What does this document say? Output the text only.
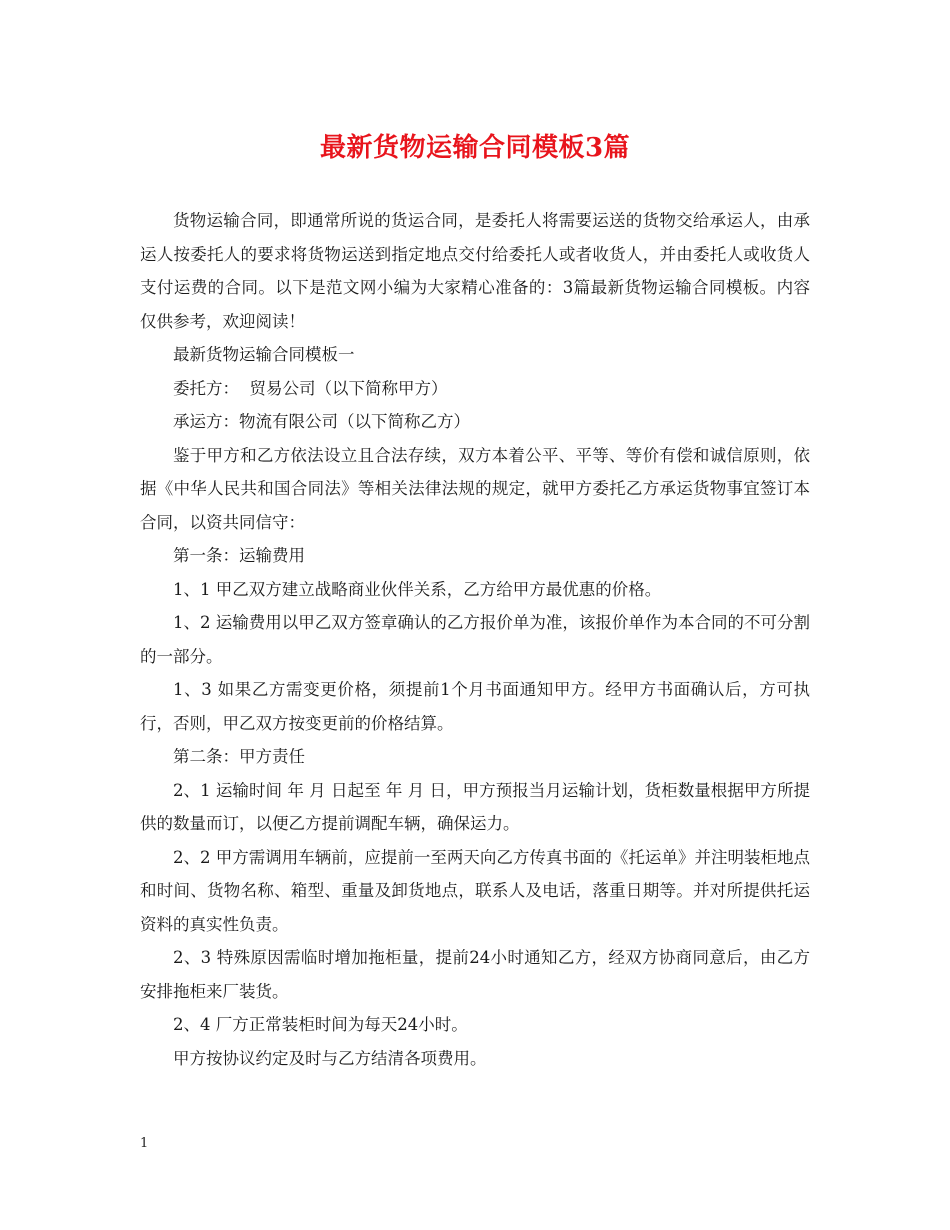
最新货物运输合同模板3篇

货物运输合同，即通常所说的货运合同，是委托人将需要运送的货物交给承运人，由承运人按委托人的要求将货物运送到指定地点交付给委托人或者收货人，并由委托人或收货人支付运费的合同。以下是范文网小编为大家精心准备的：3篇最新货物运输合同模板。内容仅供参考，欢迎阅读！

最新货物运输合同模板一

委托方：  贸易公司（以下简称甲方）

承运方：物流有限公司（以下简称乙方）

鉴于甲方和乙方依法设立且合法存续，双方本着公平、平等、等价有偿和诚信原则，依据《中华人民共和国合同法》等相关法律法规的规定，就甲方委托乙方承运货物事宜签订本合同，以资共同信守：

第一条：运输费用

1、1 甲乙双方建立战略商业伙伴关系，乙方给甲方最优惠的价格。

1、2 运输费用以甲乙双方签章确认的乙方报价单为准，该报价单作为本合同的不可分割的一部分。

1、3 如果乙方需变更价格，须提前1个月书面通知甲方。经甲方书面确认后，方可执行，否则，甲乙双方按变更前的价格结算。

第二条：甲方责任

2、1 运输时间 年 月 日起至 年 月 日，甲方预报当月运输计划，货柜数量根据甲方所提供的数量而订，以便乙方提前调配车辆，确保运力。

2、2 甲方需调用车辆前，应提前一至两天向乙方传真书面的《托运单》并注明装柜地点和时间、货物名称、箱型、重量及卸货地点，联系人及电话，落重日期等。并对所提供托运资料的真实性负责。

2、3 特殊原因需临时增加拖柜量，提前24小时通知乙方，经双方协商同意后，由乙方安排拖柜来厂装货。

2、4 厂方正常装柜时间为每天24小时。

甲方按协议约定及时与乙方结清各项费用。

1
